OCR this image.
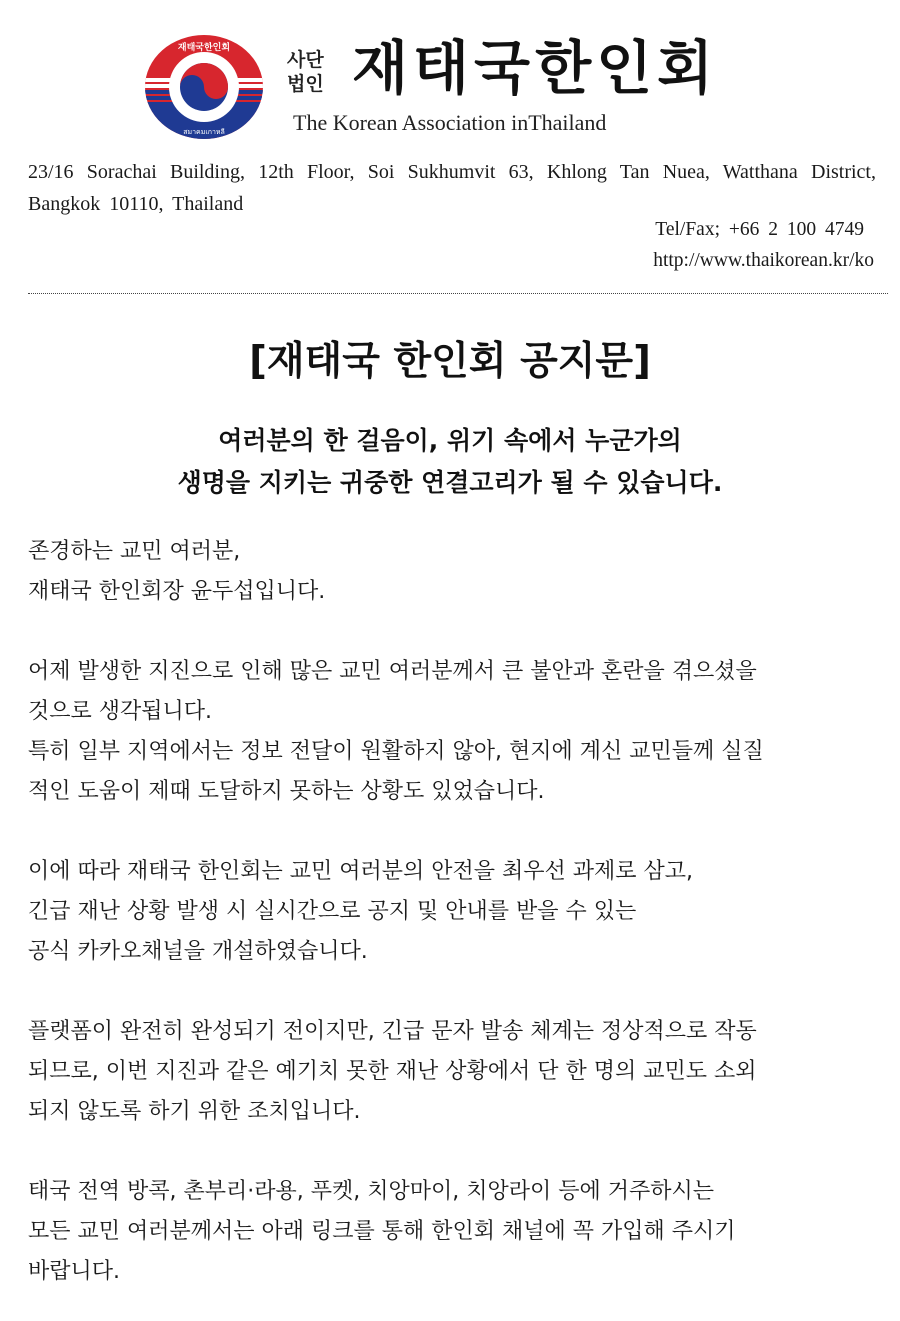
재태국한인회
สมาคมเกาหลี
사단
법인 재태국한인회
The Korean Association inThailand

23/16 Sorachai Building, 12th Floor, Soi Sukhumvit 63, Khlong Tan Nuea, Watthana District, Bangkok 10110, Thailand

Tel/Fax; +66 2 100 4749
http://www.thaikorean.kr/ko
[재태국 한인회 공지문]
여러분의 한 걸음이, 위기 속에서 누군가의
생명을 지키는 귀중한 연결고리가 될 수 있습니다.
존경하는 교민 여러분,
재태국 한인회장 윤두섭입니다.
어제 발생한 지진으로 인해 많은 교민 여러분께서 큰 불안과 혼란을 겪으셨을
것으로 생각됩니다.
특히 일부 지역에서는 정보 전달이 원활하지 않아, 현지에 계신 교민들께 실질
적인 도움이 제때 도달하지 못하는 상황도 있었습니다.
이에 따라 재태국 한인회는 교민 여러분의 안전을 최우선 과제로 삼고,
긴급 재난 상황 발생 시 실시간으로 공지 및 안내를 받을 수 있는
공식 카카오채널을 개설하였습니다.
플랫폼이 완전히 완성되기 전이지만, 긴급 문자 발송 체계는 정상적으로 작동
되므로, 이번 지진과 같은 예기치 못한 재난 상황에서 단 한 명의 교민도 소외
되지 않도록 하기 위한 조치입니다.
태국 전역 방콕, 촌부리·라용, 푸켓, 치앙마이, 치앙라이 등에 거주하시는
모든 교민 여러분께서는 아래 링크를 통해 한인회 채널에 꼭 가입해 주시기
바랍니다.
